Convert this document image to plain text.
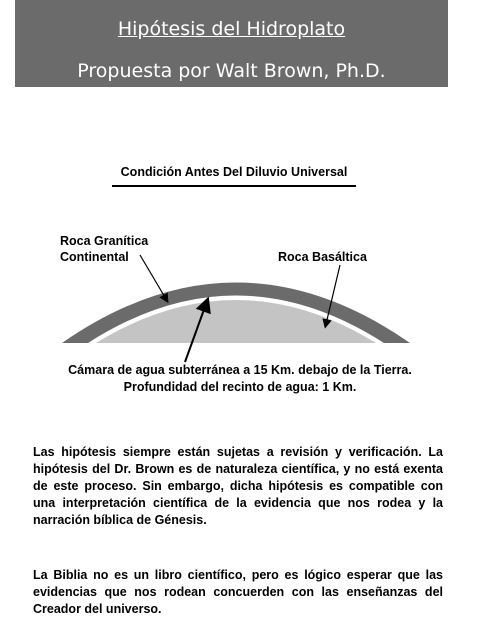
Hipótesis del Hidroplato
Propuesta por Walt Brown, Ph.D.
Condición Antes Del Diluvio Universal
Roca Granítica Continental	Roca Basáltica
Cámara de agua subterránea a 15 Km. debajo de la Tierra.
Profundidad del recinto de agua: 1 Km.
Las hipótesis siempre están sujetas a revisión y verificación. La hipótesis del Dr. Brown es de naturaleza científica, y no está exenta de este proceso. Sin embargo, dicha hipótesis es compatible con una interpretación científica de la evidencia que nos rodea y la narración bíblica de Génesis.
La Biblia no es un libro científico, pero es lógico esperar que las evidencias que nos rodean concuerden con las enseñanzas del Creador del universo.
